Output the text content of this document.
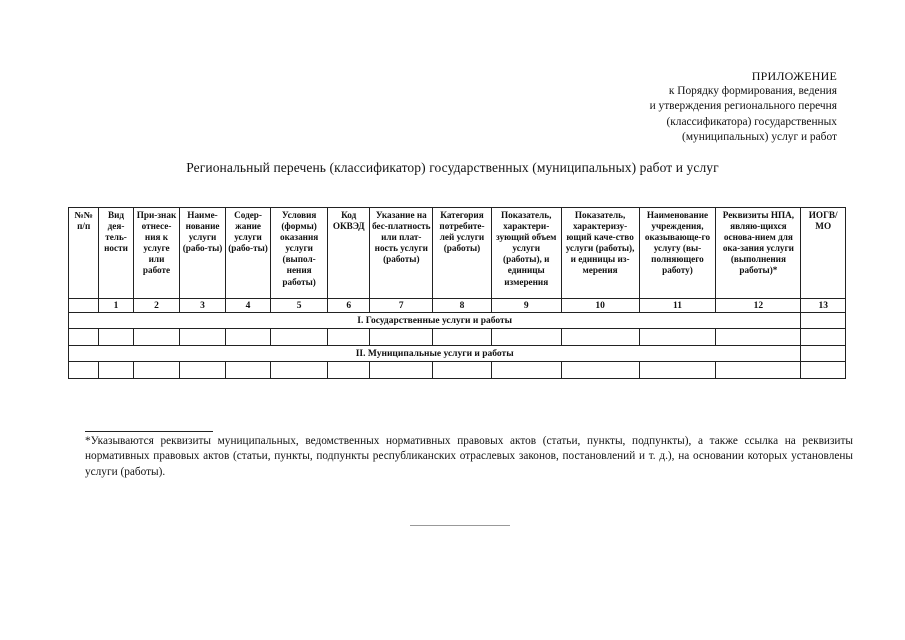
ПРИЛОЖЕНИЕ
к Порядку формирования, ведения
и утверждения регионального перечня
(классификатора) государственных
(муниципальных) услуг и работ
Региональный перечень (классификатор) государственных (муниципальных) работ и услуг
№№ п/п	Вид дея-тель-ности	При-знак отнесе-ния к услуге или работе	Наиме-нование услуги (рабо-ты)	Содер-жание услуги (рабо-ты)	Условия (формы) оказания услуги (выпол-нения работы)	Код ОКВЭД	Указание на бес-платность или плат-ность услуги (работы)	Категория потребите-лей услуги (работы)	Показатель, характери-зующий объем услуги (работы), и единицы измерения	Показатель, характеризу-ющий каче-ство услуги (работы), и единицы из-мерения	Наименование учреждения, оказывающе-го услугу (вы-полняющего работу)	Реквизиты НПА, являю-щихся основа-нием для ока-зания услуги (выполнения работы)*	ИОГВ/ МО
	1	2	3	4	5	6	7	8	9	10	11	12	13
I. Государственные услуги и работы													

II. Муниципальные услуги и работы													

*Указываются реквизиты муниципальных, ведомственных нормативных правовых актов (статьи, пункты, подпункты), а также ссылка на реквизиты нормативных правовых актов (статьи, пункты, подпункты республиканских отраслевых законов, постановлений и т. д.), на основании которых установлены услуги (работы).
